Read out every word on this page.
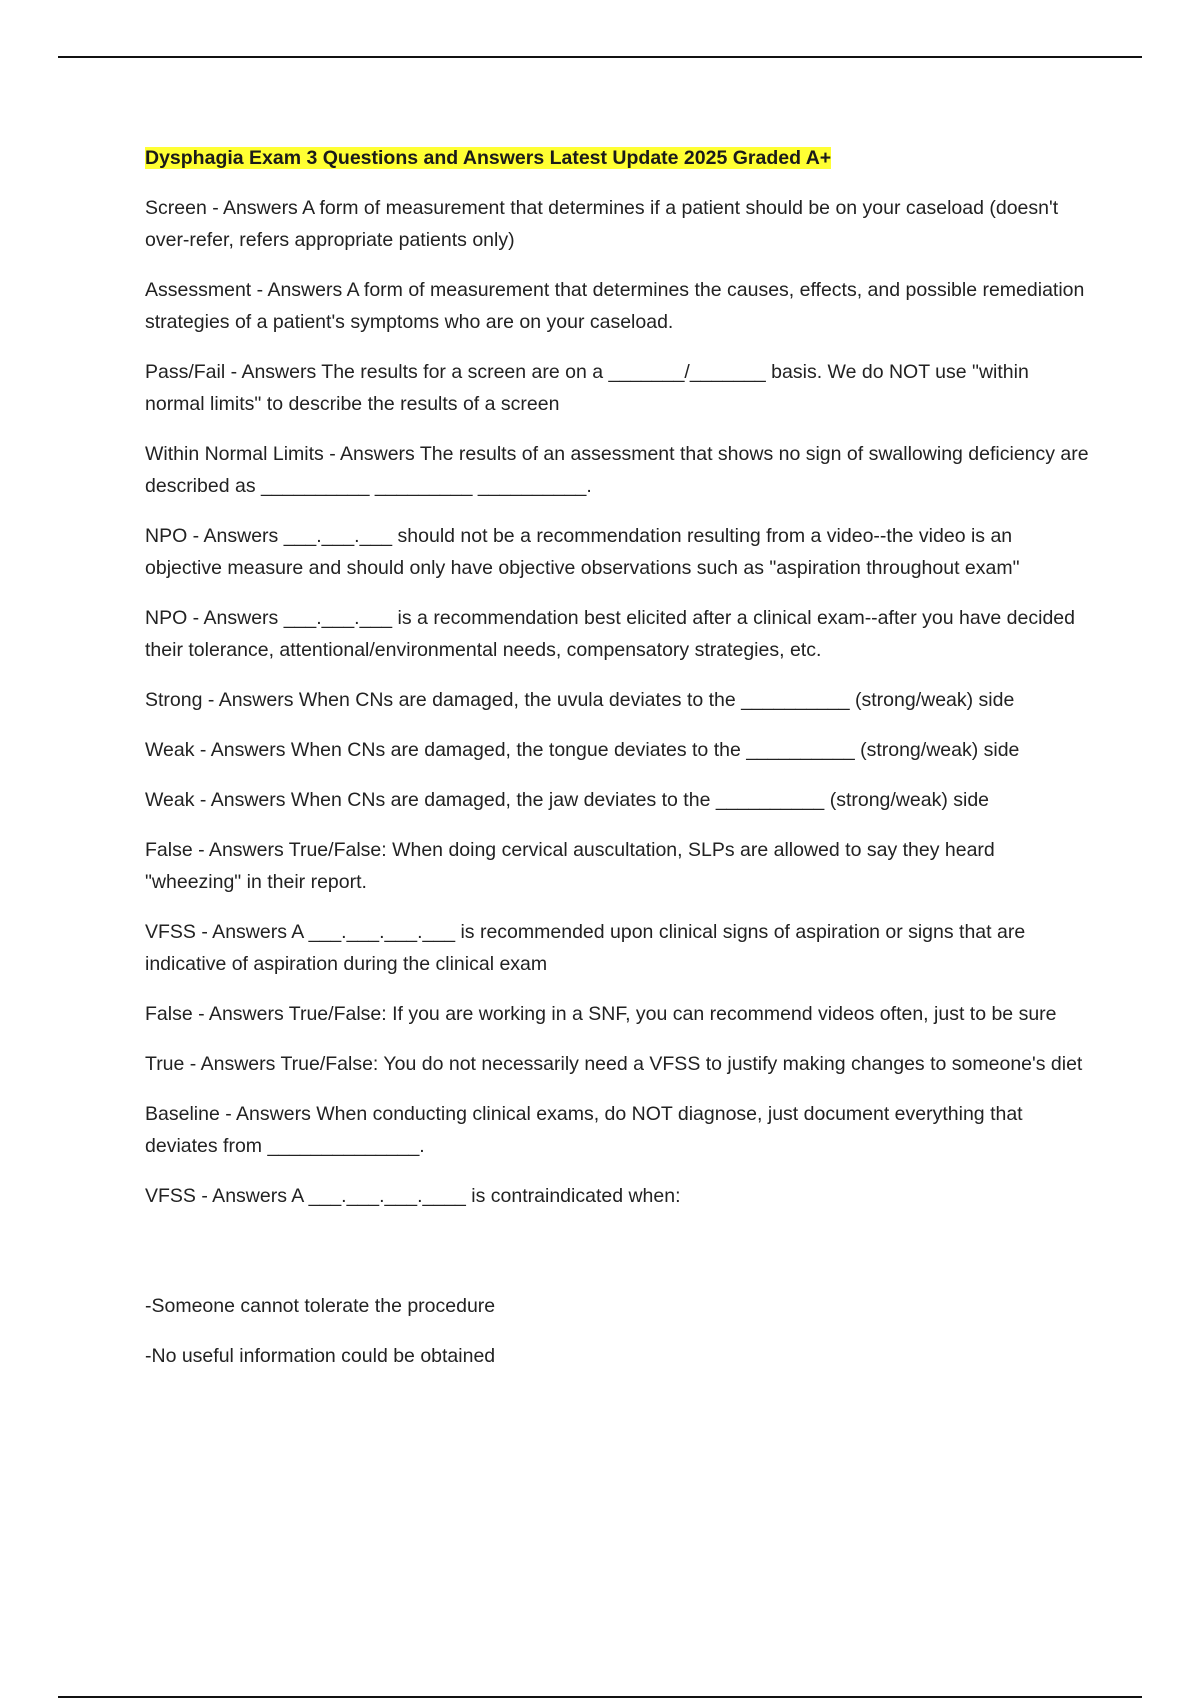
Dysphagia Exam 3 Questions and Answers Latest Update 2025 Graded A+

Screen - Answers A form of measurement that determines if a patient should be on your caseload (doesn't over-refer, refers appropriate patients only)

Assessment - Answers A form of measurement that determines the causes, effects, and possible remediation strategies of a patient's symptoms who are on your caseload.

Pass/Fail - Answers The results for a screen are on a _______/_______ basis. We do NOT use "within normal limits" to describe the results of a screen

Within Normal Limits - Answers The results of an assessment that shows no sign of swallowing deficiency are described as __________ _________ __________.

NPO - Answers ___.___.___ should not be a recommendation resulting from a video--the video is an objective measure and should only have objective observations such as "aspiration throughout exam"

NPO - Answers ___.___.___ is a recommendation best elicited after a clinical exam--after you have decided their tolerance, attentional/environmental needs, compensatory strategies, etc.

Strong - Answers When CNs are damaged, the uvula deviates to the __________ (strong/weak) side

Weak - Answers When CNs are damaged, the tongue deviates to the __________ (strong/weak) side

Weak - Answers When CNs are damaged, the jaw deviates to the __________ (strong/weak) side

False - Answers True/False: When doing cervical auscultation, SLPs are allowed to say they heard "wheezing" in their report.

VFSS - Answers A ___.___.___.___ is recommended upon clinical signs of aspiration or signs that are indicative of aspiration during the clinical exam

False - Answers True/False: If you are working in a SNF, you can recommend videos often, just to be sure

True - Answers True/False: You do not necessarily need a VFSS to justify making changes to someone's diet

Baseline - Answers When conducting clinical exams, do NOT diagnose, just document everything that deviates from ______________.

VFSS - Answers A ___.___.___.____ is contraindicated when:

-Someone cannot tolerate the procedure

-No useful information could be obtained
